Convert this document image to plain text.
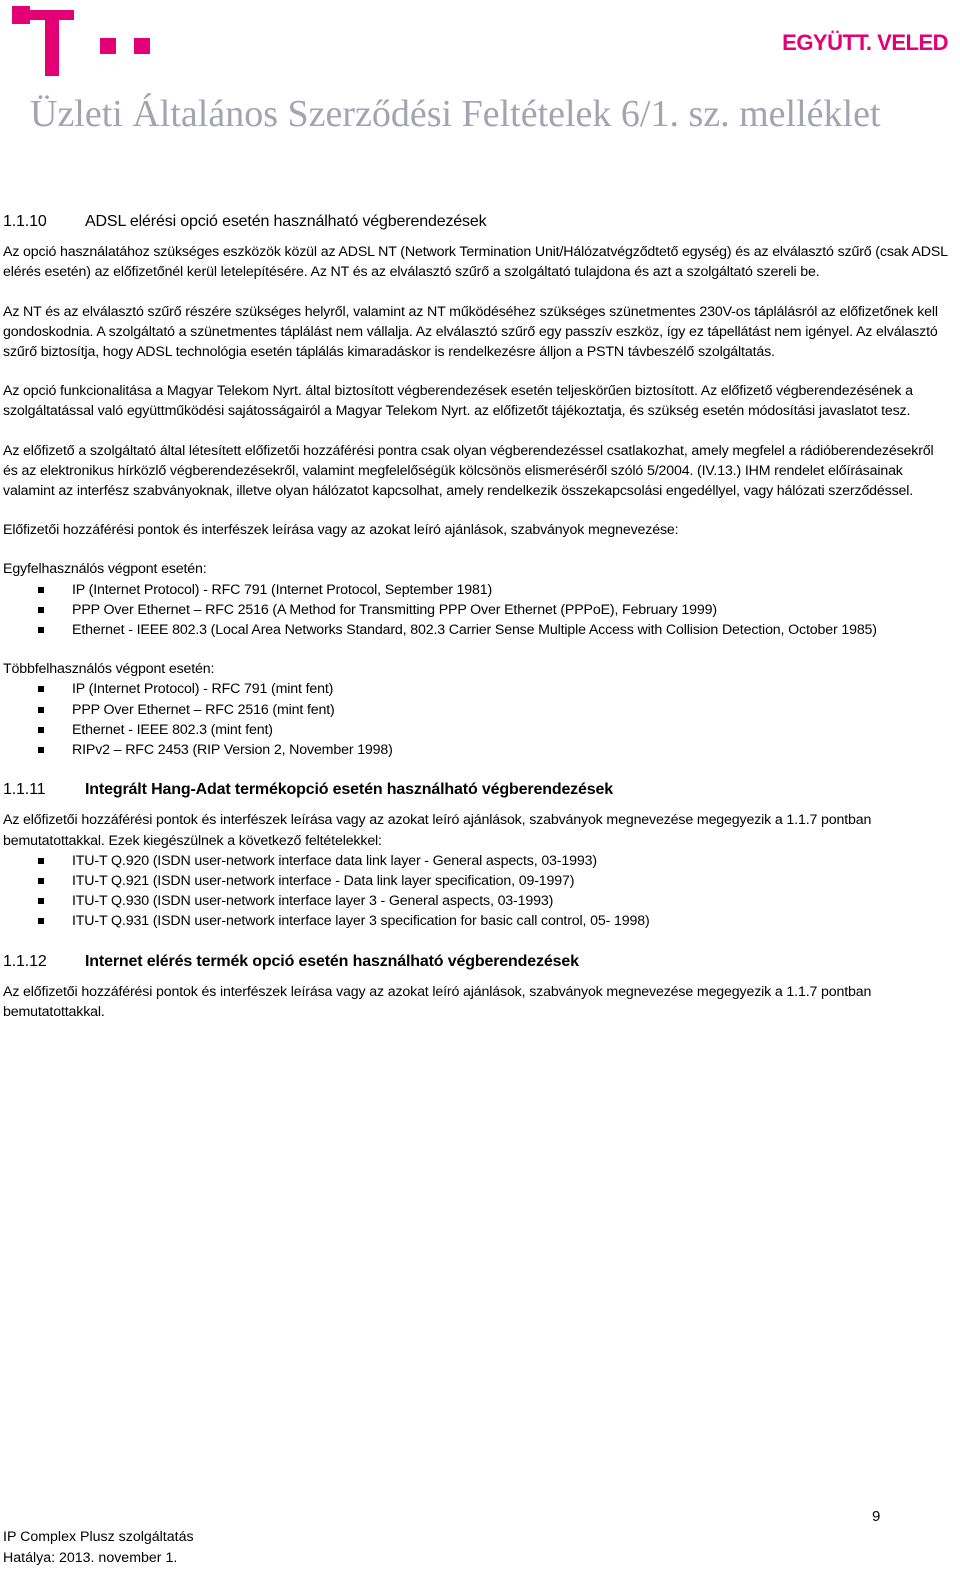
EGYÜTT. VELED
Üzleti Általános Szerződési Feltételek 6/1. sz. melléklet
1.1.10	ADSL elérési opció esetén használható végberendezések

Az opció használatához szükséges eszközök közül az ADSL NT (Network Termination Unit/Hálózatvégződtető egység) és az elválasztó szűrő (csak ADSL elérés esetén) az előfizetőnél kerül letelepítésére. Az NT és az elválasztó szűrő a szolgáltató tulajdona és azt a szolgáltató szereli be.

Az NT és az elválasztó szűrő részére szükséges helyről, valamint az NT működéséhez szükséges szünetmentes 230V-os táplálásról az előfizetőnek kell gondoskodnia. A szolgáltató a szünetmentes táplálást nem vállalja. Az elválasztó szűrő egy passzív eszköz, így ez tápellátást nem igényel. Az elválasztó szűrő biztosítja, hogy ADSL technológia esetén táplálás kimaradáskor is rendelkezésre álljon a PSTN távbeszélő szolgáltatás.

Az opció funkcionalitása a Magyar Telekom Nyrt. által biztosított végberendezések esetén teljeskörűen biztosított. Az előfizető végberendezésének a szolgáltatással való együttműködési sajátosságairól a Magyar Telekom Nyrt. az előfizetőt tájékoztatja, és szükség esetén módosítási javaslatot tesz.

Az előfizető a szolgáltató által létesített előfizetői hozzáférési pontra csak olyan végberendezéssel csatlakozhat, amely megfelel a rádióberendezésekről és az elektronikus hírközlő végberendezésekről, valamint megfelelőségük kölcsönös elismeréséről szóló 5/2004. (IV.13.) IHM rendelet előírásainak valamint az interfész szabványoknak, illetve olyan hálózatot kapcsolhat, amely rendelkezik összekapcsolási engedéllyel, vagy hálózati szerződéssel.

Előfizetői hozzáférési pontok és interfészek leírása vagy az azokat leíró ajánlások, szabványok megnevezése:

Egyfelhasználós végpont esetén:

IP (Internet Protocol) - RFC 791 (Internet Protocol, September 1981)
PPP Over Ethernet – RFC 2516 (A Method for Transmitting PPP Over Ethernet (PPPoE), February 1999)
Ethernet - IEEE 802.3 (Local Area Networks Standard, 802.3 Carrier Sense Multiple Access with Collision Detection, October 1985)

Többfelhasználós végpont esetén:

IP (Internet Protocol) - RFC 791 (mint fent)
PPP Over Ethernet – RFC 2516 (mint fent)
Ethernet - IEEE 802.3 (mint fent)
RIPv2 – RFC 2453 (RIP Version 2, November 1998)
1.1.11	Integrált Hang-Adat termékopció esetén használható végberendezések

Az előfizetői hozzáférési pontok és interfészek leírása vagy az azokat leíró ajánlások, szabványok megnevezése megegyezik a 1.1.7 pontban bemutatottakkal. Ezek kiegészülnek a következő feltételekkel:

ITU-T Q.920 (ISDN user-network interface data link layer - General aspects, 03-1993)
ITU-T Q.921 (ISDN user-network interface - Data link layer specification, 09-1997)
ITU-T Q.930 (ISDN user-network interface layer 3 - General aspects, 03-1993)
ITU-T Q.931 (ISDN user-network interface layer 3 specification for basic call control, 05- 1998)
1.1.12	Internet elérés termék opció esetén használható végberendezések

Az előfizetői hozzáférési pontok és interfészek leírása vagy az azokat leíró ajánlások, szabványok megnevezése megegyezik a 1.1.7 pontban bemutatottakkal.

9
IP Complex Plusz szolgáltatás
Hatálya: 2013. november 1.
